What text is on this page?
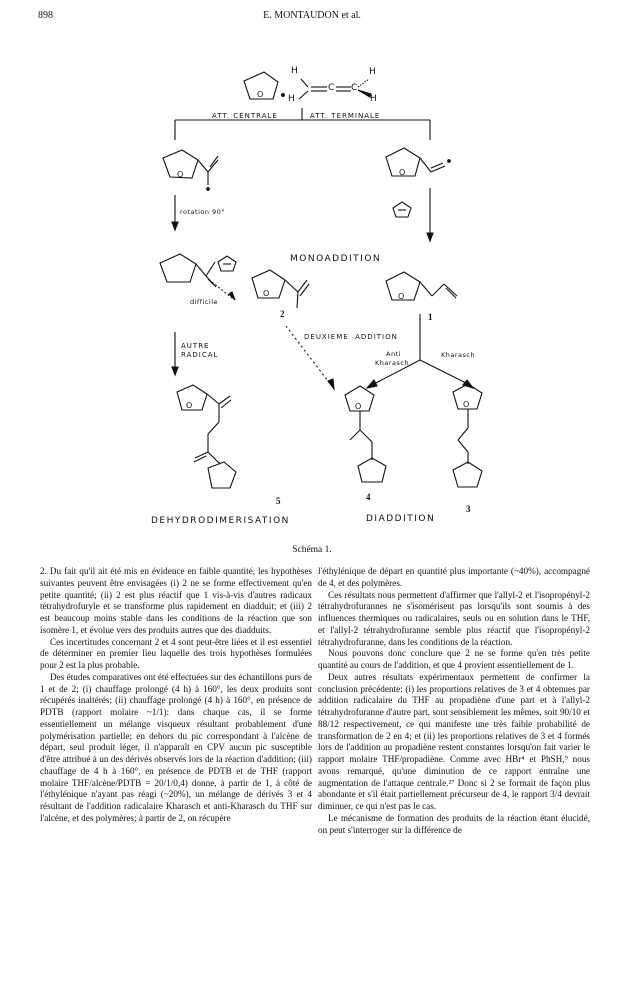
898	E. MONTAUDON et al.
H
H
C C
H
H
O
O	O
O	O
O	O
O
ATT. CENTRALE	ATT. TERMINALE
rotation 90°
MONOADDITION
difficile
2	1
AUTRE
RADICAL
DEUXIEME  ADDITION
Anti
Kharasch
Kharasch
5	4
3
DEHYDRODIMERISATION	DIADDITION
Schéma 1.

2. Du fait qu'il ait été mis en évidence en faible quantité, les hypothèses suivantes peuvent être envisagées (i) 2 ne se forme effectivement qu'en petite quantité; (ii) 2 est plus réactif que 1 vis-à-vis d'autres radicaux tétrahydrofuryle et se transforme plus rapidement en diadduit; et (iii) 2 est beaucoup moins stable dans les conditions de la réaction que son isomère 1, et évolue vers des produits autres que des diadduits.

Ces incertitudes concernant 2 et 4 sont peut-être liées et il est essentiel de déterminer en premier lieu laquelle des trois hypothèses formulées pour 2 est la plus probable.

Des études comparatives ont été effectuées sur des échantillons purs de 1 et de 2; (i) chauffage prolongé (4 h) à 160°, les deux produits sont récupérés inaltérés; (ii) chauffage prolongé (4 h) à 160°, en présence de PDTB (rapport molaire ~1/1): dans chaque cas, il se forme essentiellement un mélange visqueux résultant probablement d'une polymérisation partielle; en dehors du pic correspondant à l'alcène de départ, seul produit léger, il n'apparaît en CPV aucun pic susceptible d'être attribué à un des dérivés observés lors de la réaction d'addition; (iii) chauffage de 4 h à 160°, en présence de PDTB et de THF (rapport molaire THF/alcène/PDTB = 20/1/0,4) donne, à partir de 1, à côté de l'éthylénique n'ayant pas réagi (~20%), un mélange de dérivés 3 et 4 résultant de l'addition radicalaire Kharasch et anti-Kharasch du THF sur l'alcène, et des polymères; à partir de 2, on récupère

l'éthylénique de départ en quantité plus importante (~40%), accompagné de 4, et des polymères.

Ces résultats nous permettent d'affirmer que l'allyl-2 et l'isopropényl-2 tétrahydrofurannes ne s'isomérisent pas lorsqu'ils sont soumis à des influences thermiques ou radicalaires, seuls ou en solution dans le THF, et l'allyl-2 tétrahydrofuranne semble plus réactif que l'isopropényl-2 tétrahydrofuranne, dans les conditions de la réaction.

Nous pouvons donc conclure que 2 ne se forme qu'en très petite quantité au cours de l'addition, et que 4 provient essentiellement de 1.

Deux autres résultats expérimentaux permettent de confirmer la conclusion précédente: (i) les proportions relatives de 3 et 4 obtenues par addition radicalaire du THF au propadiène d'une part et à l'allyl-2 tétrahydrofuranne d'autre part, sont sensiblement les mêmes, soit 90/10 et 88/12 respectivement, ce qui manifeste une très faible probabilité de transformation de 2 en 4; et (ii) les proportions relatives de 3 et 4 formés lors de l'addition au propadiène restent constantes lorsqu'on fait varier le rapport molaire THF/propadiène. Comme avec HBr⁴ et PhSH,⁹ nous avons remarqué, qu'une diminution de ce rapport entraîne une augmentation de l'attaque centrale.²⁷ Donc si 2 se formait de façon plus abondante et s'il était partiellement précurseur de 4, le rapport 3/4 devrait diminuer, ce qui n'est pas le cas.

Le mécanisme de formation des produits de la réaction étant élucidé, on peut s'interroger sur la différence de
